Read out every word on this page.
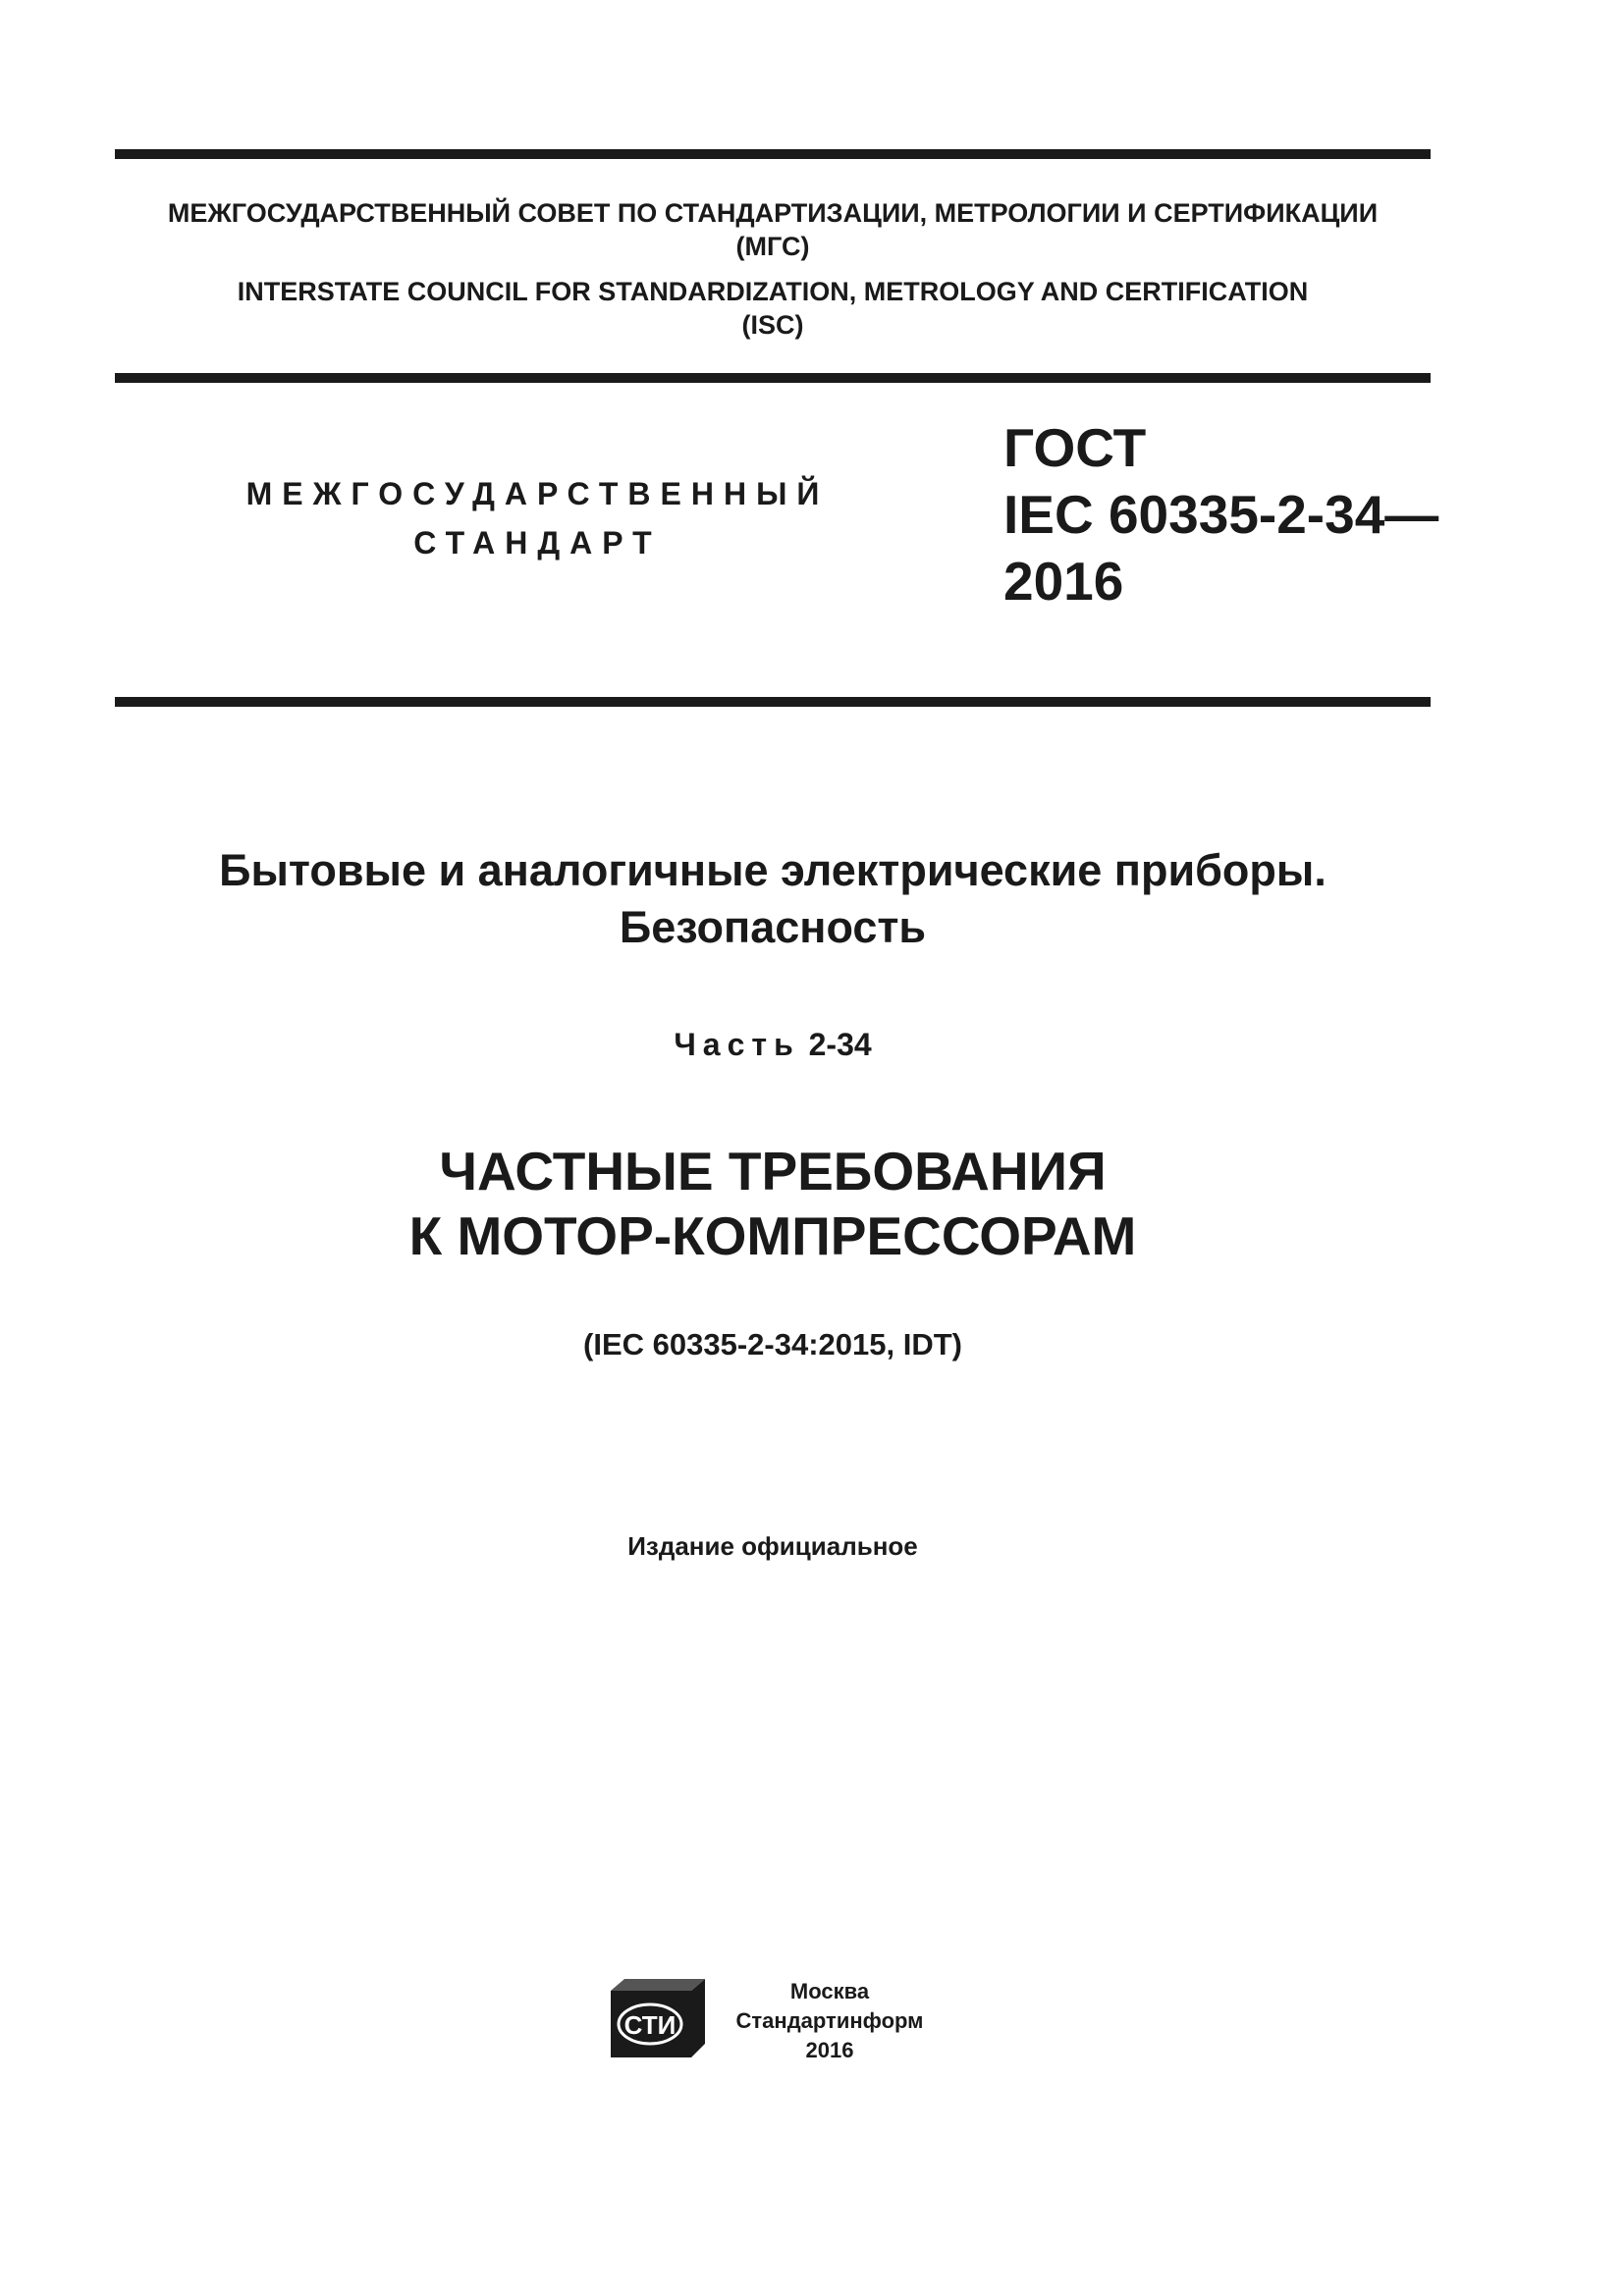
МЕЖГОСУДАРСТВЕННЫЙ СОВЕТ ПО СТАНДАРТИЗАЦИИ, МЕТРОЛОГИИ И СЕРТИФИКАЦИИ
(МГС)
INTERSTATE COUNCIL FOR STANDARDIZATION, METROLOGY AND CERTIFICATION
(ISC)
МЕЖГОСУДАРСТВЕННЫЙ
СТАНДАРТ
ГОСТ
IEC 60335-2-34—
2016
Бытовые и аналогичные электрические приборы.
Безопасность
Часть 2-34
ЧАСТНЫЕ ТРЕБОВАНИЯ
К МОТОР-КОМПРЕССОРАМ
(IEC 60335-2-34:2015, IDT)
Издание официальное
СТИ
Москва
Стандартинформ
2016
